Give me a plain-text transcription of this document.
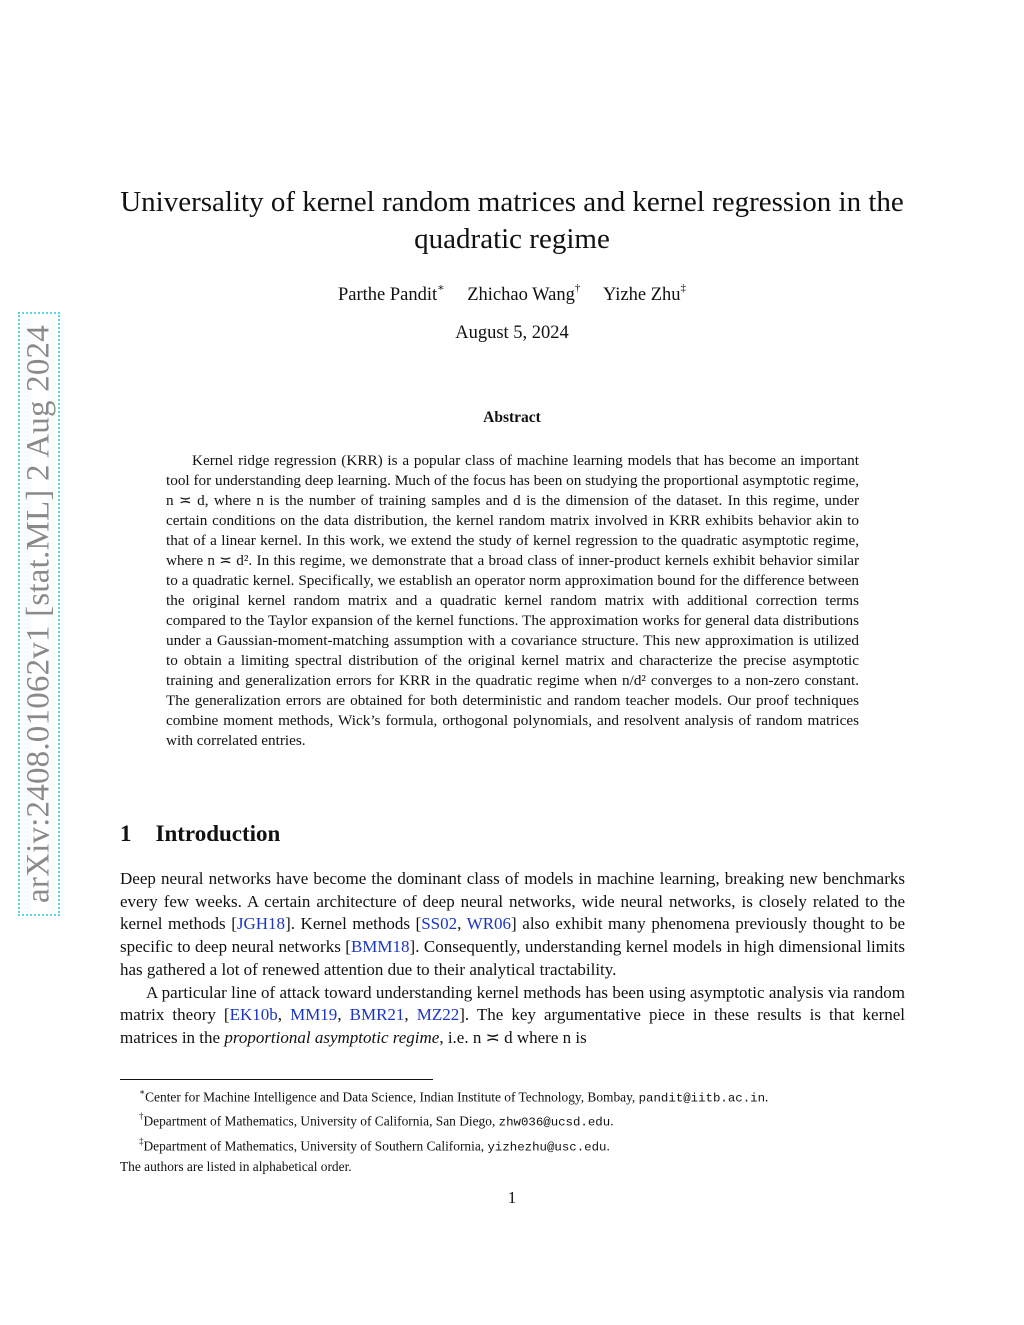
arXiv:2408.01062v1 [stat.ML] 2 Aug 2024
Universality of kernel random matrices and kernel regression in the quadratic regime
Parthe Pandit∗ Zhichao Wang† Yizhe Zhu‡
August 5, 2024
Abstract

Kernel ridge regression (KRR) is a popular class of machine learning models that has become an important tool for understanding deep learning. Much of the focus has been on studying the proportional asymptotic regime, n ≍ d, where n is the number of training samples and d is the dimension of the dataset. In this regime, under certain conditions on the data distribution, the kernel random matrix involved in KRR exhibits behavior akin to that of a linear kernel. In this work, we extend the study of kernel regression to the quadratic asymptotic regime, where n ≍ d². In this regime, we demonstrate that a broad class of inner-product kernels exhibit behavior similar to a quadratic kernel. Specifically, we establish an operator norm approximation bound for the difference between the original kernel random matrix and a quadratic kernel random matrix with additional correction terms compared to the Taylor expansion of the kernel functions. The approximation works for general data distributions under a Gaussian-moment-matching assumption with a covariance structure. This new approximation is utilized to obtain a limiting spectral distribution of the original kernel matrix and characterize the precise asymptotic training and generalization errors for KRR in the quadratic regime when n/d² converges to a non-zero constant. The generalization errors are obtained for both deterministic and random teacher models. Our proof techniques combine moment methods, Wick’s formula, orthogonal polynomials, and resolvent analysis of random matrices with correlated entries.

1 Introduction

Deep neural networks have become the dominant class of models in machine learning, breaking new benchmarks every few weeks. A certain architecture of deep neural networks, wide neural networks, is closely related to the kernel methods [JGH18]. Kernel methods [SS02, WR06] also exhibit many phenomena previously thought to be specific to deep neural networks [BMM18]. Consequently, understanding kernel models in high dimensional limits has gathered a lot of renewed attention due to their analytical tractability.

A particular line of attack toward understanding kernel methods has been using asymptotic analysis via random matrix theory [EK10b, MM19, BMR21, MZ22]. The key argumentative piece in these results is that kernel matrices in the proportional asymptotic regime, i.e. n ≍ d where n is

∗Center for Machine Intelligence and Data Science, Indian Institute of Technology, Bombay, pandit@iitb.ac.in.
†Department of Mathematics, University of California, San Diego, zhw036@ucsd.edu.
‡Department of Mathematics, University of Southern California, yizhezhu@usc.edu.
The authors are listed in alphabetical order.
1
